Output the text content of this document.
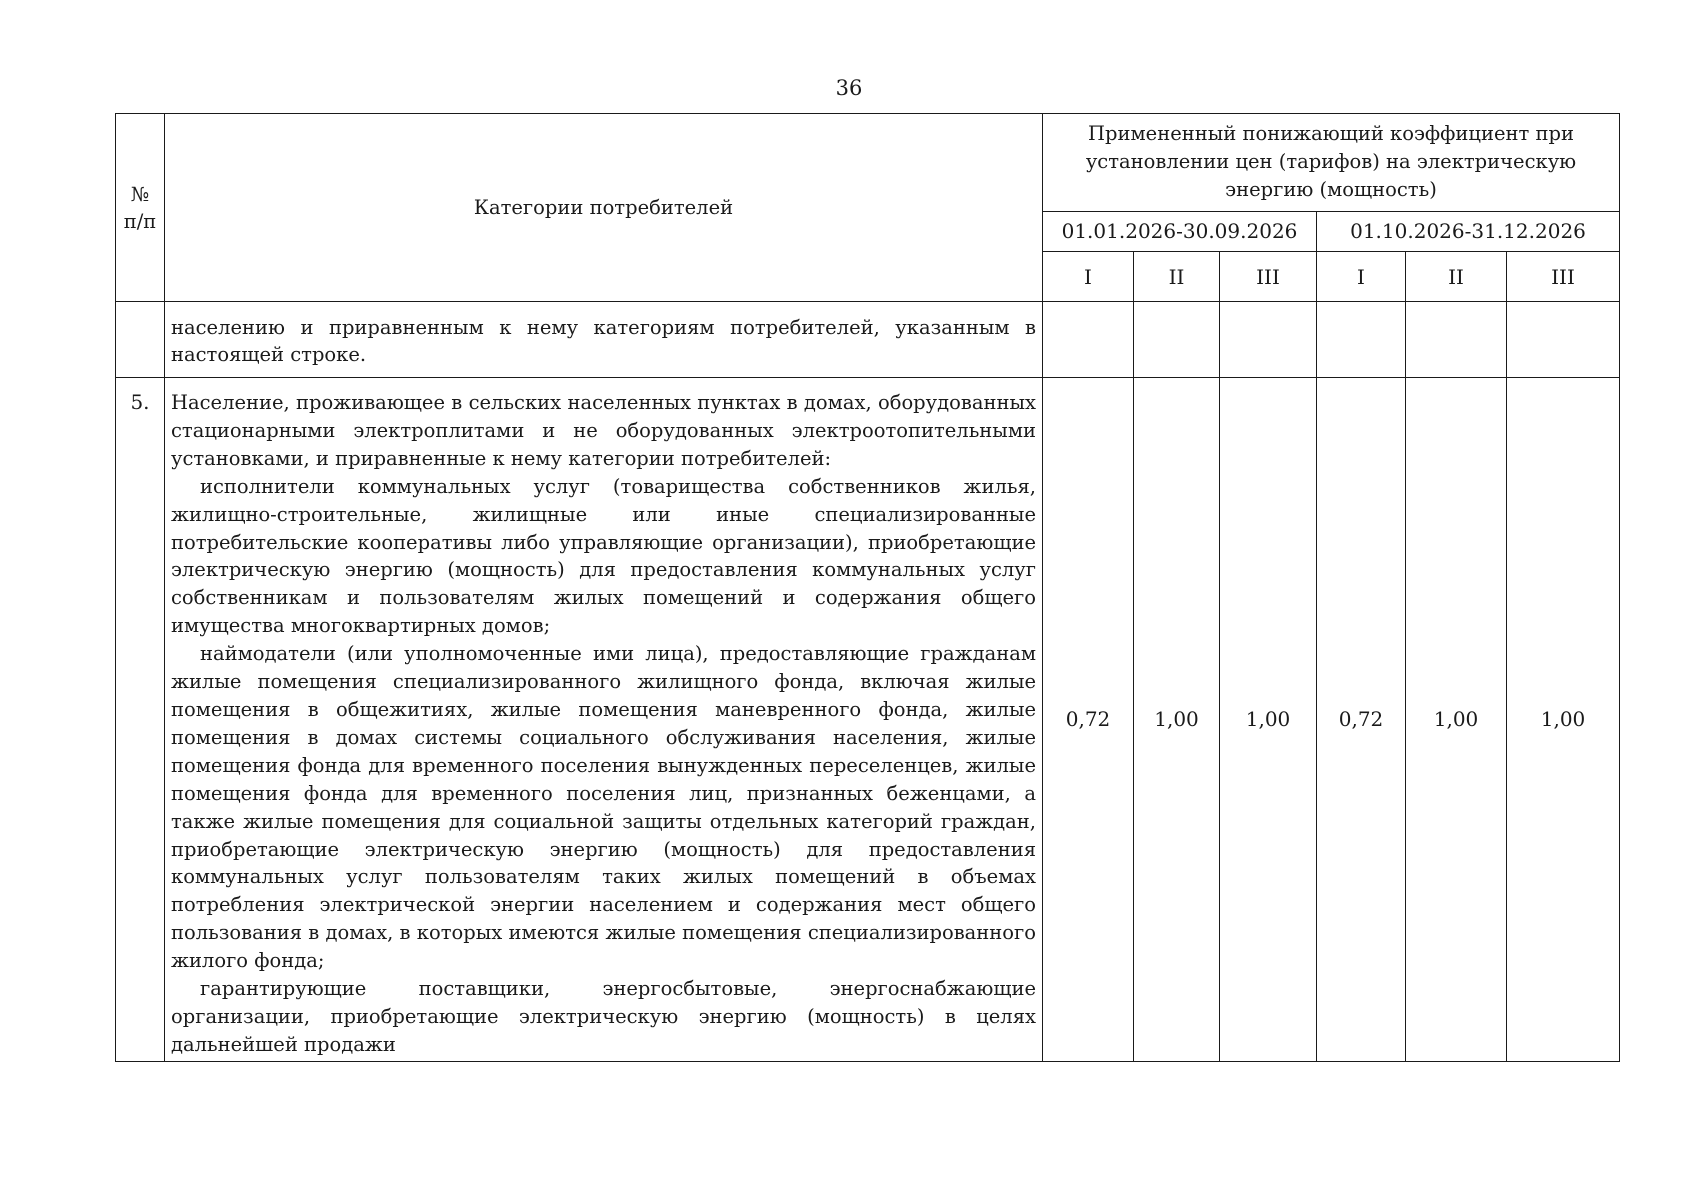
36
№
п/п	Категории потребителей	Примененный понижающий коэффициент при установлении цен (тарифов) на электрическую энергию (мощность)					
		01.01.2026-30.09.2026			01.10.2026-31.12.2026		
		I	II	III	I	II	III

	населению и приравненным к нему категориям потребителей, указанным в настоящей строке.						

5.	Население, проживающее в сельских населенных пунктах в домах, оборудованных стационарными электроплитами и не оборудованных электроотопительными установками, и приравненные к нему категории потребителей:

исполнители коммунальных услуг (товарищества собственников жилья, жилищно-строительные, жилищные или иные специализированные потребительские кооперативы либо управляющие организации), приобретающие электрическую энергию (мощность) для предоставления коммунальных услуг собственникам и пользователям жилых помещений и содержания общего имущества многоквартирных домов;

наймодатели (или уполномоченные ими лица), предоставляющие гражданам жилые помещения специализированного жилищного фонда, включая жилые помещения в общежитиях, жилые помещения маневренного фонда, жилые помещения в домах системы социального обслуживания населения, жилые помещения фонда для временного поселения вынужденных переселенцев, жилые помещения фонда для временного поселения лиц, признанных беженцами, а также жилые помещения для социальной защиты отдельных категорий граждан, приобретающие электрическую энергию (мощность) для предоставления коммунальных услуг пользователям таких жилых помещений в объемах потребления электрической энергии населением и содержания мест общего пользования в домах, в которых имеются жилые помещения специализированного жилого фонда;

гарантирующие поставщики, энергосбытовые, энергоснабжающие организации, приобретающие электрическую энергию (мощность) в целях дальнейшей продажи	0,72	1,00	1,00	0,72	1,00	1,00
